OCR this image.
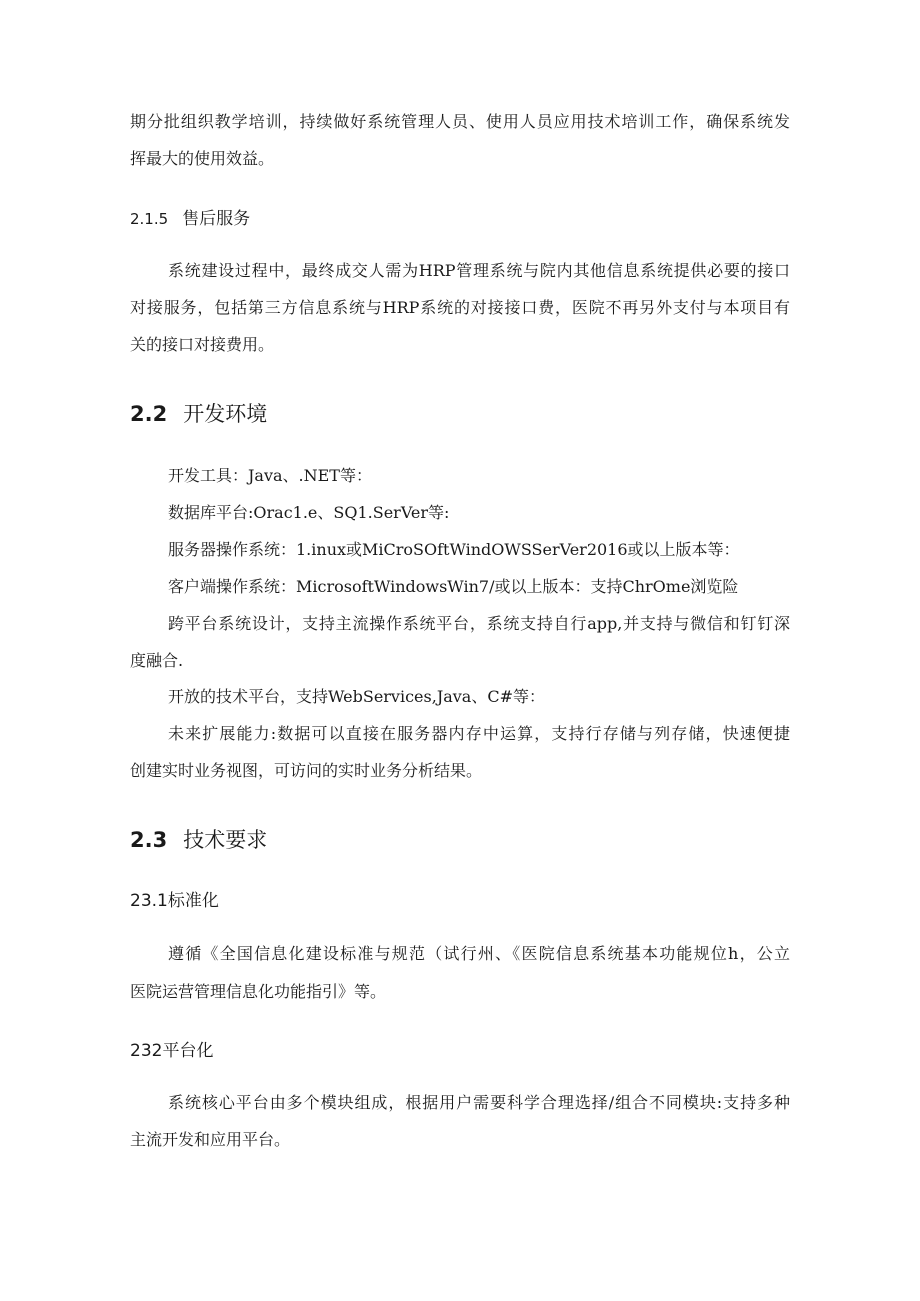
期分批组织教学培训，持续做好系统管理人员、使用人员应用技术培训工作，确保系统发
挥最大的使用效益。
2.1.5 售后服务
系统建设过程中，最终成交人需为HRP管理系统与院内其他信息系统提供必要的接口
对接服务，包括第三方信息系统与HRP系统的对接接口费，医院不再另外支付与本项目有
关的接口对接费用。
2.2 开发环境
开发工具：Java、.NET等：
数据库平台:Orac1.e、SQ1.SerVer等:
服务器操作系统：1.inux或MiCroSOftWindOWSSerVer2016或以上版本等：
客户端操作系统：MicrosoftWindowsWin7/或以上版本：支持ChrOme浏览险
跨平台系统设计，支持主流操作系统平台，系统支持自行app,并支持与微信和钉钉深
度融合.
开放的技术平台，支持WebServices,Java、C#等：
未来扩展能力:数据可以直接在服务器内存中运算，支持行存储与列存储，快速便捷
创建实时业务视图，可访问的实时业务分析结果。
2.3 技术要求
23.1标准化
遵循《全国信息化建设标准与规范（试行州、《医院信息系统基本功能规位h，公立
医院运营管理信息化功能指引》等。
232平台化
系统核心平台由多个模块组成，根据用户需要科学合理选择/组合不同模块:支持多种
主流开发和应用平台。
